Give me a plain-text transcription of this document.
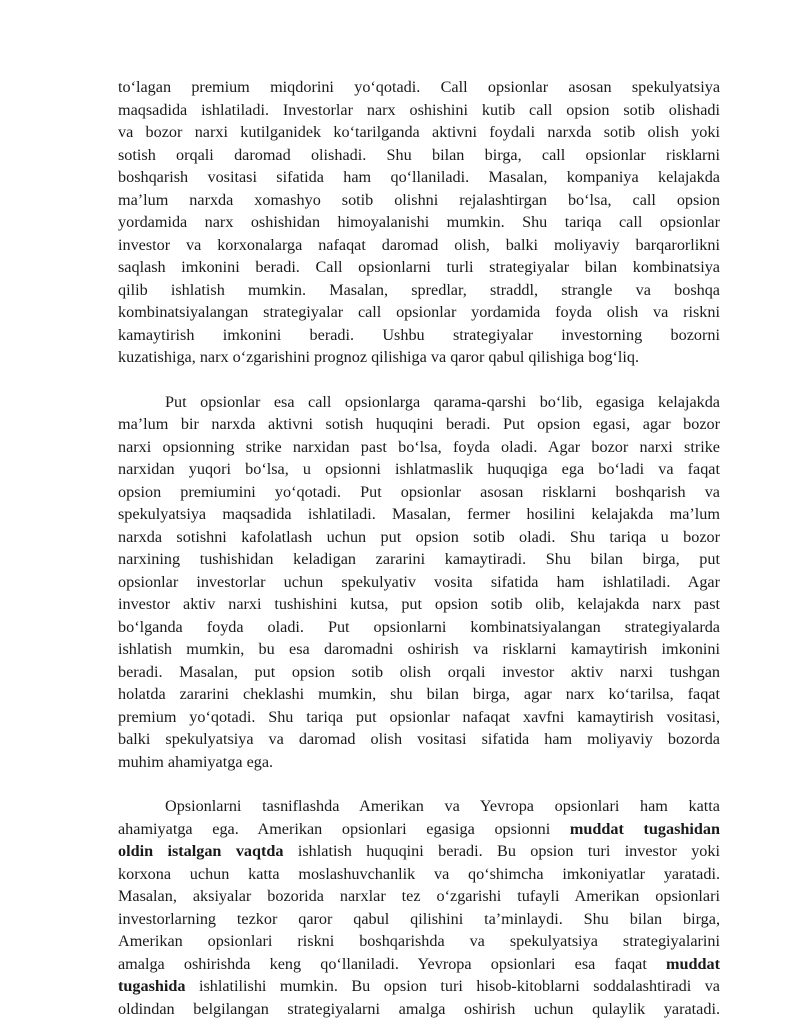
to‘lagan premium miqdorini yo‘qotadi. Call opsionlar asosan spekulyatsiya
maqsadida ishlatiladi. Investorlar narx oshishini kutib call opsion sotib olishadi
va bozor narxi kutilganidek ko‘tarilganda aktivni foydali narxda sotib olish yoki
sotish orqali daromad olishadi. Shu bilan birga, call opsionlar risklarni
boshqarish vositasi sifatida ham qo‘llaniladi. Masalan, kompaniya kelajakda
ma’lum narxda xomashyo sotib olishni rejalashtirgan bo‘lsa, call opsion
yordamida narx oshishidan himoyalanishi mumkin. Shu tariqa call opsionlar
investor va korxonalarga nafaqat daromad olish, balki moliyaviy barqarorlikni
saqlash imkonini beradi. Call opsionlarni turli strategiyalar bilan kombinatsiya
qilib ishlatish mumkin. Masalan, spredlar, straddl, strangle va boshqa
kombinatsiyalangan strategiyalar call opsionlar yordamida foyda olish va riskni
kamaytirish imkonini beradi. Ushbu strategiyalar investorning bozorni
kuzatishiga, narx o‘zgarishini prognoz qilishiga va qaror qabul qilishiga bog‘liq.

Put opsionlar esa call opsionlarga qarama-qarshi bo‘lib, egasiga kelajakda
ma’lum bir narxda aktivni sotish huquqini beradi. Put opsion egasi, agar bozor
narxi opsionning strike narxidan past bo‘lsa, foyda oladi. Agar bozor narxi strike
narxidan yuqori bo‘lsa, u opsionni ishlatmaslik huquqiga ega bo‘ladi va faqat
opsion premiumini yo‘qotadi. Put opsionlar asosan risklarni boshqarish va
spekulyatsiya maqsadida ishlatiladi. Masalan, fermer hosilini kelajakda ma’lum
narxda sotishni kafolatlash uchun put opsion sotib oladi. Shu tariqa u bozor
narxining tushishidan keladigan zararini kamaytiradi. Shu bilan birga, put
opsionlar investorlar uchun spekulyativ vosita sifatida ham ishlatiladi. Agar
investor aktiv narxi tushishini kutsa, put opsion sotib olib, kelajakda narx past
bo‘lganda foyda oladi. Put opsionlarni kombinatsiyalangan strategiyalarda
ishlatish mumkin, bu esa daromadni oshirish va risklarni kamaytirish imkonini
beradi. Masalan, put opsion sotib olish orqali investor aktiv narxi tushgan
holatda zararini cheklashi mumkin, shu bilan birga, agar narx ko‘tarilsa, faqat
premium yo‘qotadi. Shu tariqa put opsionlar nafaqat xavfni kamaytirish vositasi,
balki spekulyatsiya va daromad olish vositasi sifatida ham moliyaviy bozorda
muhim ahamiyatga ega.

Opsionlarni tasniflashda Amerikan va Yevropa opsionlari ham katta
ahamiyatga ega. Amerikan opsionlari egasiga opsionni muddat tugashidan
oldin istalgan vaqtda ishlatish huquqini beradi. Bu opsion turi investor yoki
korxona uchun katta moslashuvchanlik va qo‘shimcha imkoniyatlar yaratadi.
Masalan, aksiyalar bozorida narxlar tez o‘zgarishi tufayli Amerikan opsionlari
investorlarning tezkor qaror qabul qilishini ta’minlaydi. Shu bilan birga,
Amerikan opsionlari riskni boshqarishda va spekulyatsiya strategiyalarini
amalga oshirishda keng qo‘llaniladi. Yevropa opsionlari esa faqat muddat
tugashida ishlatilishi mumkin. Bu opsion turi hisob-kitoblarni soddalashtiradi va
oldindan belgilangan strategiyalarni amalga oshirish uchun qulaylik yaratadi.
